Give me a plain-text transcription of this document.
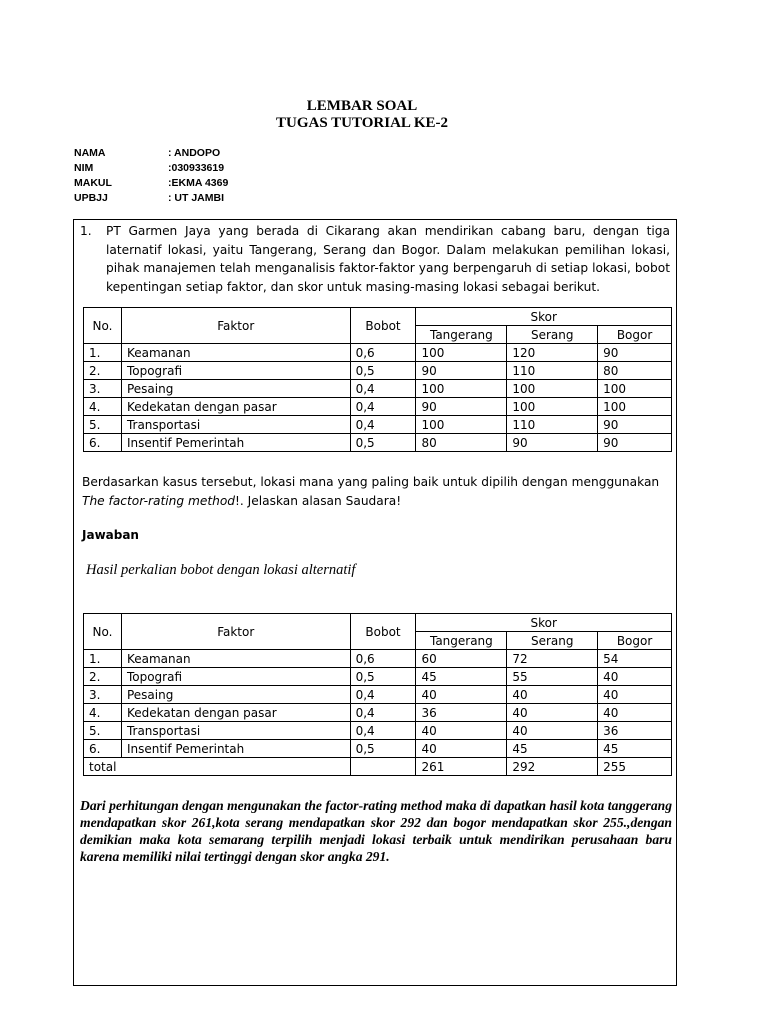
LEMBAR SOAL
TUGAS TUTORIAL KE-2
NAMA	: ANDOPO
NIM	:030933619
MAKUL	:EKMA 4369
UPBJJ	: UT JAMBI
1.	PT Garmen Jaya yang berada di Cikarang akan mendirikan cabang baru, dengan tiga laternatif lokasi, yaitu Tangerang, Serang dan Bogor. Dalam melakukan pemilihan lokasi, pihak manajemen telah menganalisis faktor-faktor yang berpengaruh di setiap lokasi, bobot kepentingan setiap faktor, dan skor untuk masing-masing lokasi sebagai berikut.
No.	Faktor	Bobot	Skor		
			Tangerang	Serang	Bogor
1.	Keamanan	0,6	100	120	90
2.	Topografi	0,5	90	110	80
3.	Pesaing	0,4	100	100	100
4.	Kedekatan dengan pasar	0,4	90	100	100
5.	Transportasi	0,4	100	110	90
6.	Insentif Pemerintah	0,5	80	90	90
Berdasarkan kasus tersebut, lokasi mana yang paling baik untuk dipilih dengan menggunakan The factor-rating method!. Jelaskan alasan Saudara!
Jawaban
Hasil perkalian bobot dengan lokasi alternatif
No.	Faktor	Bobot	Skor		
			Tangerang	Serang	Bogor
1.	Keamanan	0,6	60	72	54
2.	Topografi	0,5	45	55	40
3.	Pesaing	0,4	40	40	40
4.	Kedekatan dengan pasar	0,4	36	40	40
5.	Transportasi	0,4	40	40	36
6.	Insentif Pemerintah	0,5	40	45	45
total			261	292	255
Dari perhitungan dengan mengunakan the factor-rating method maka di dapatkan hasil kota tanggerang mendapatkan skor 261,kota serang mendapatkan skor 292 dan bogor mendapatkan skor 255.,dengan demikian maka kota semarang terpilih menjadi lokasi terbaik untuk mendirikan perusahaan baru karena memiliki nilai tertinggi dengan skor angka 291.
